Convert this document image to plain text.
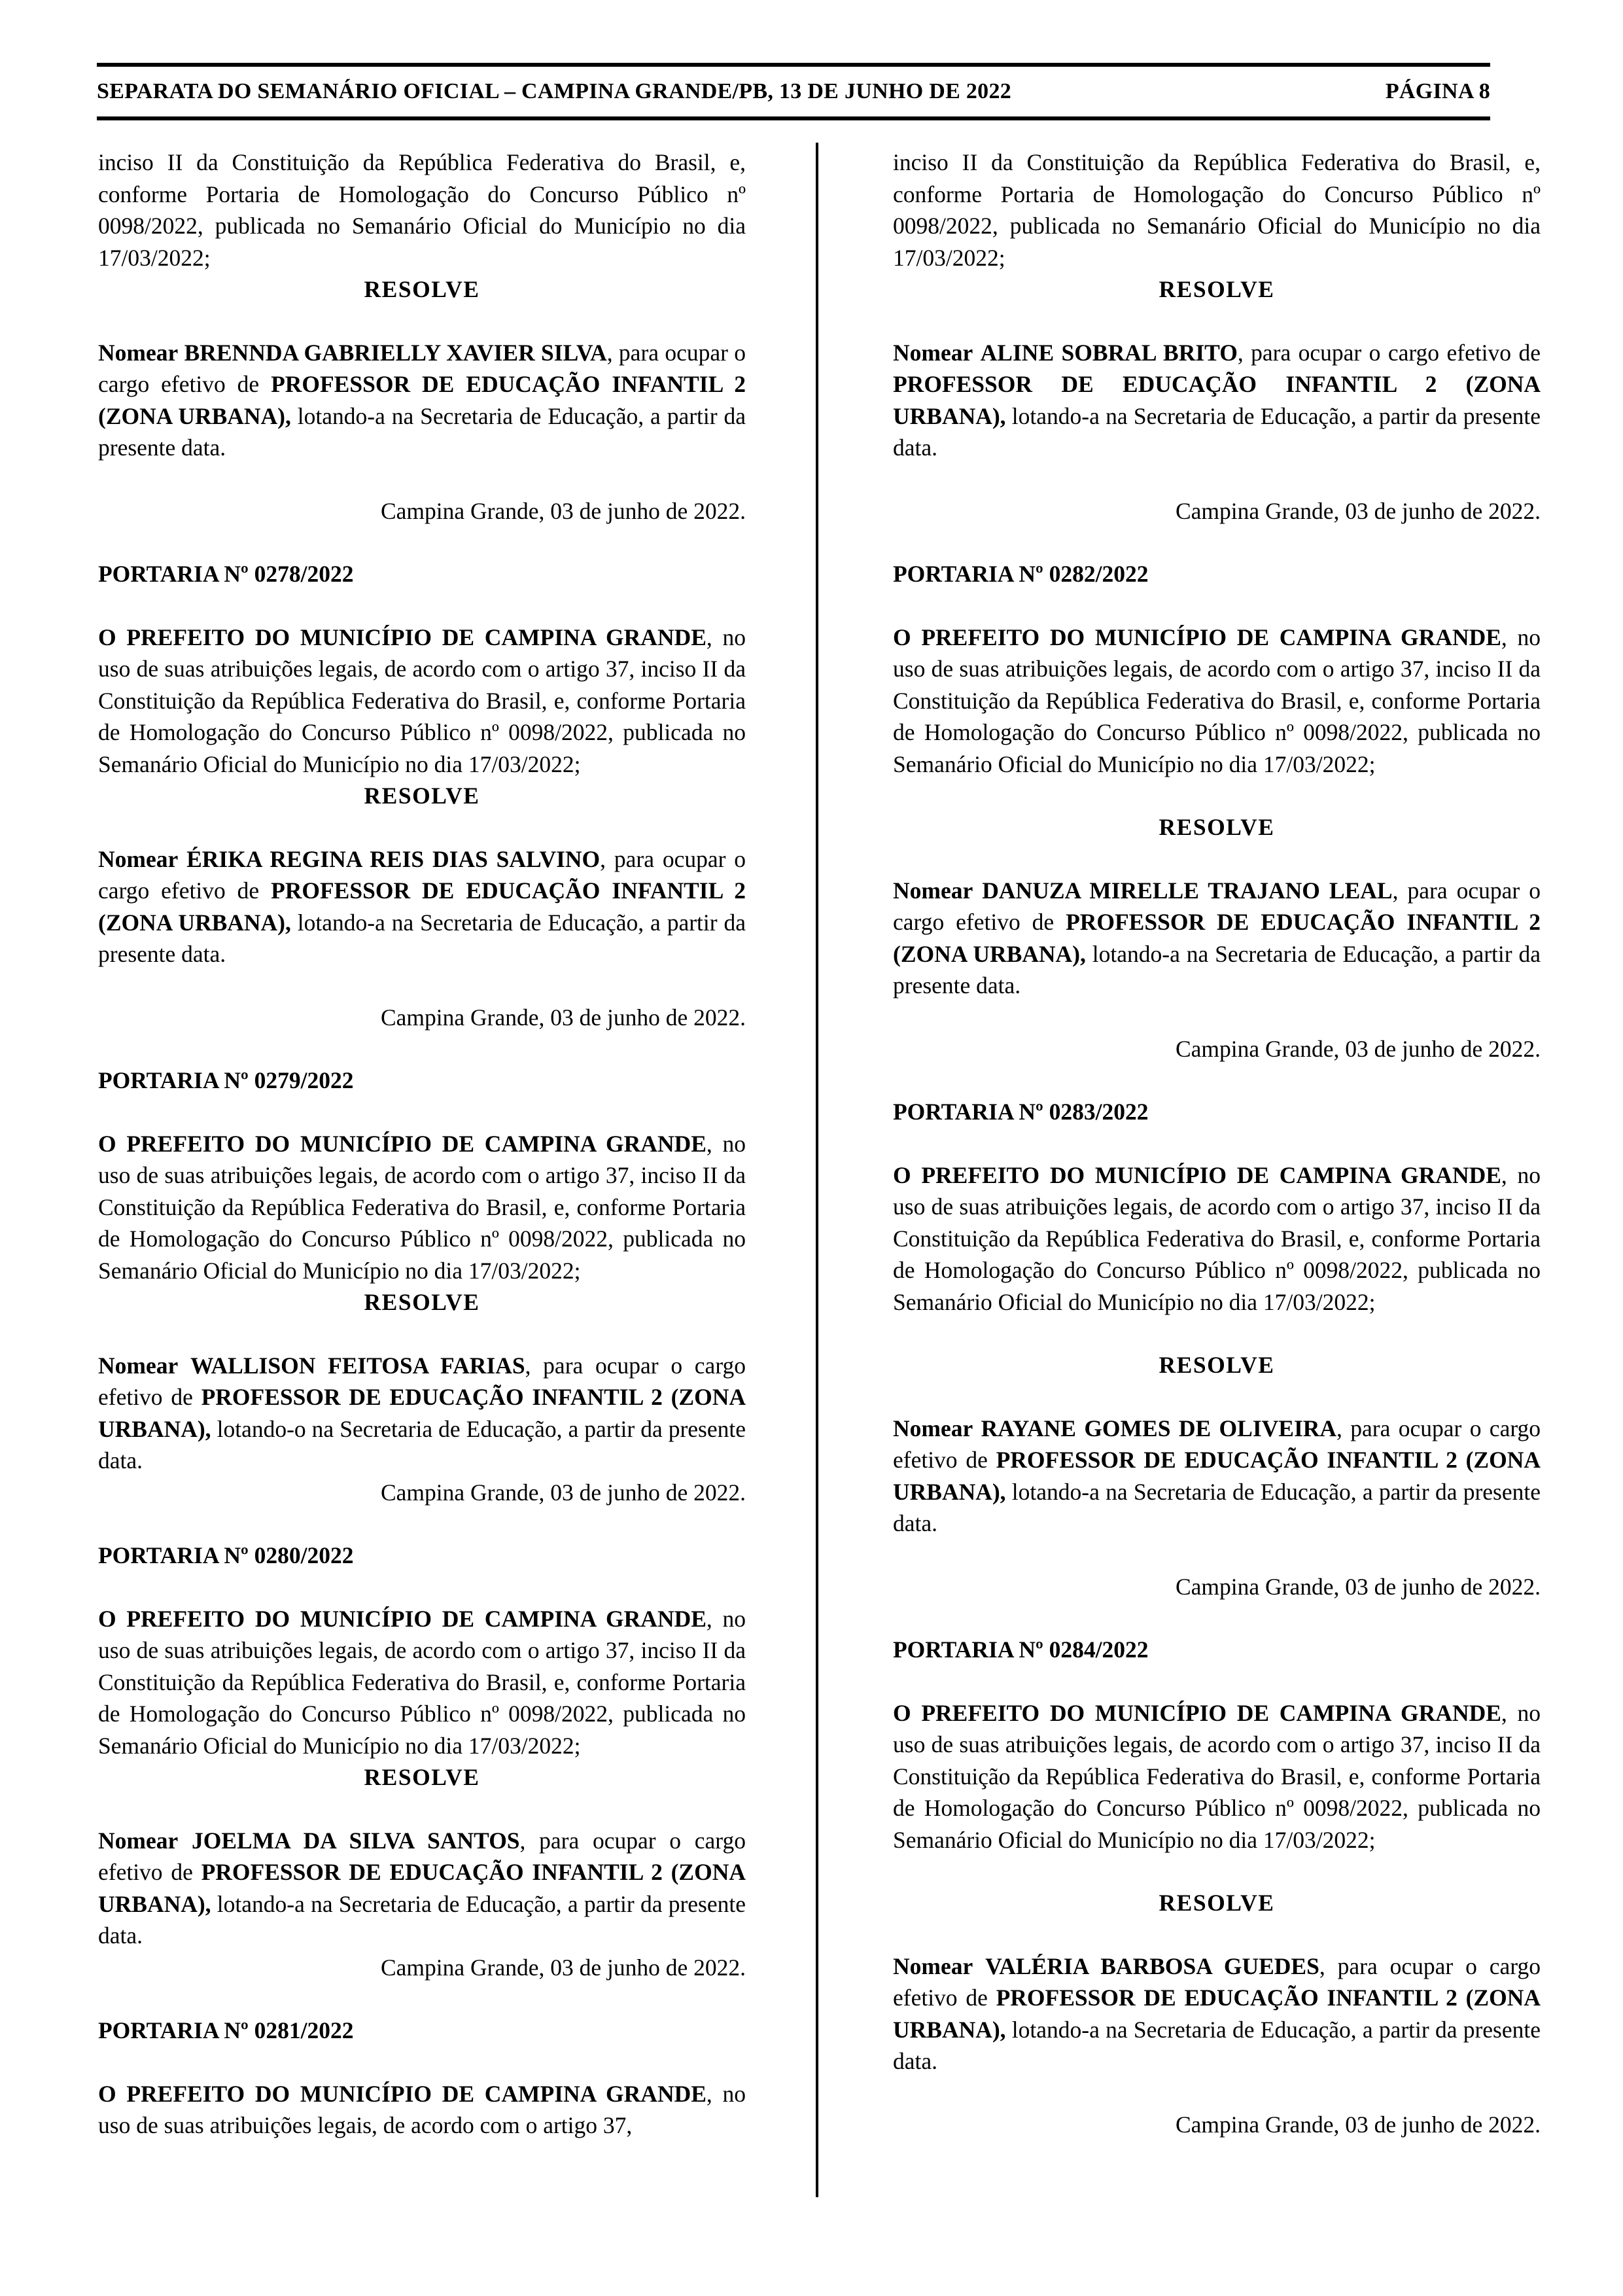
SEPARATA DO SEMANÁRIO OFICIAL – CAMPINA GRANDE/PB, 13 DE JUNHO DE 2022	PÁGINA 8

inciso II da Constituição da República Federativa do Brasil, e, conforme Portaria de Homologação do Concurso Público nº 0098/2022, publicada no Semanário Oficial do Município no dia 17/03/2022;

RESOLVE

Nomear BRENNDA GABRIELLY XAVIER SILVA, para ocupar o cargo efetivo de PROFESSOR DE EDUCAÇÃO INFANTIL 2 (ZONA URBANA), lotando-a na Secretaria de Educação, a partir da presente data.

Campina Grande, 03 de junho de 2022.

PORTARIA Nº 0278/2022

O PREFEITO DO MUNICÍPIO DE CAMPINA GRANDE, no uso de suas atribuições legais, de acordo com o artigo 37, inciso II da Constituição da República Federativa do Brasil, e, conforme Portaria de Homologação do Concurso Público nº 0098/2022, publicada no Semanário Oficial do Município no dia 17/03/2022;

RESOLVE

Nomear ÉRIKA REGINA REIS DIAS SALVINO, para ocupar o cargo efetivo de PROFESSOR DE EDUCAÇÃO INFANTIL 2 (ZONA URBANA), lotando-a na Secretaria de Educação, a partir da presente data.

Campina Grande, 03 de junho de 2022.

PORTARIA Nº 0279/2022

O PREFEITO DO MUNICÍPIO DE CAMPINA GRANDE, no uso de suas atribuições legais, de acordo com o artigo 37, inciso II da Constituição da República Federativa do Brasil, e, conforme Portaria de Homologação do Concurso Público nº 0098/2022, publicada no Semanário Oficial do Município no dia 17/03/2022;

RESOLVE

Nomear WALLISON FEITOSA FARIAS, para ocupar o cargo efetivo de PROFESSOR DE EDUCAÇÃO INFANTIL 2 (ZONA URBANA), lotando-o na Secretaria de Educação, a partir da presente data.

Campina Grande, 03 de junho de 2022.

PORTARIA Nº 0280/2022

O PREFEITO DO MUNICÍPIO DE CAMPINA GRANDE, no uso de suas atribuições legais, de acordo com o artigo 37, inciso II da Constituição da República Federativa do Brasil, e, conforme Portaria de Homologação do Concurso Público nº 0098/2022, publicada no Semanário Oficial do Município no dia 17/03/2022;

RESOLVE

Nomear JOELMA DA SILVA SANTOS, para ocupar o cargo efetivo de PROFESSOR DE EDUCAÇÃO INFANTIL 2 (ZONA URBANA), lotando-a na Secretaria de Educação, a partir da presente data.

Campina Grande, 03 de junho de 2022.

PORTARIA Nº 0281/2022

O PREFEITO DO MUNICÍPIO DE CAMPINA GRANDE, no uso de suas atribuições legais, de acordo com o artigo 37,

inciso II da Constituição da República Federativa do Brasil, e, conforme Portaria de Homologação do Concurso Público nº 0098/2022, publicada no Semanário Oficial do Município no dia 17/03/2022;

RESOLVE

Nomear ALINE SOBRAL BRITO, para ocupar o cargo efetivo de PROFESSOR DE EDUCAÇÃO INFANTIL 2 (ZONA URBANA), lotando-a na Secretaria de Educação, a partir da presente data.

Campina Grande, 03 de junho de 2022.

PORTARIA Nº 0282/2022

O PREFEITO DO MUNICÍPIO DE CAMPINA GRANDE, no uso de suas atribuições legais, de acordo com o artigo 37, inciso II da Constituição da República Federativa do Brasil, e, conforme Portaria de Homologação do Concurso Público nº 0098/2022, publicada no Semanário Oficial do Município no dia 17/03/2022;

RESOLVE

Nomear DANUZA MIRELLE TRAJANO LEAL, para ocupar o cargo efetivo de PROFESSOR DE EDUCAÇÃO INFANTIL 2 (ZONA URBANA), lotando-a na Secretaria de Educação, a partir da presente data.

Campina Grande, 03 de junho de 2022.

PORTARIA Nº 0283/2022

O PREFEITO DO MUNICÍPIO DE CAMPINA GRANDE, no uso de suas atribuições legais, de acordo com o artigo 37, inciso II da Constituição da República Federativa do Brasil, e, conforme Portaria de Homologação do Concurso Público nº 0098/2022, publicada no Semanário Oficial do Município no dia 17/03/2022;

RESOLVE

Nomear RAYANE GOMES DE OLIVEIRA, para ocupar o cargo efetivo de PROFESSOR DE EDUCAÇÃO INFANTIL 2 (ZONA URBANA), lotando-a na Secretaria de Educação, a partir da presente data.

Campina Grande, 03 de junho de 2022.

PORTARIA Nº 0284/2022

O PREFEITO DO MUNICÍPIO DE CAMPINA GRANDE, no uso de suas atribuições legais, de acordo com o artigo 37, inciso II da Constituição da República Federativa do Brasil, e, conforme Portaria de Homologação do Concurso Público nº 0098/2022, publicada no Semanário Oficial do Município no dia 17/03/2022;

RESOLVE

Nomear VALÉRIA BARBOSA GUEDES, para ocupar o cargo efetivo de PROFESSOR DE EDUCAÇÃO INFANTIL 2 (ZONA URBANA), lotando-a na Secretaria de Educação, a partir da presente data.

Campina Grande, 03 de junho de 2022.
